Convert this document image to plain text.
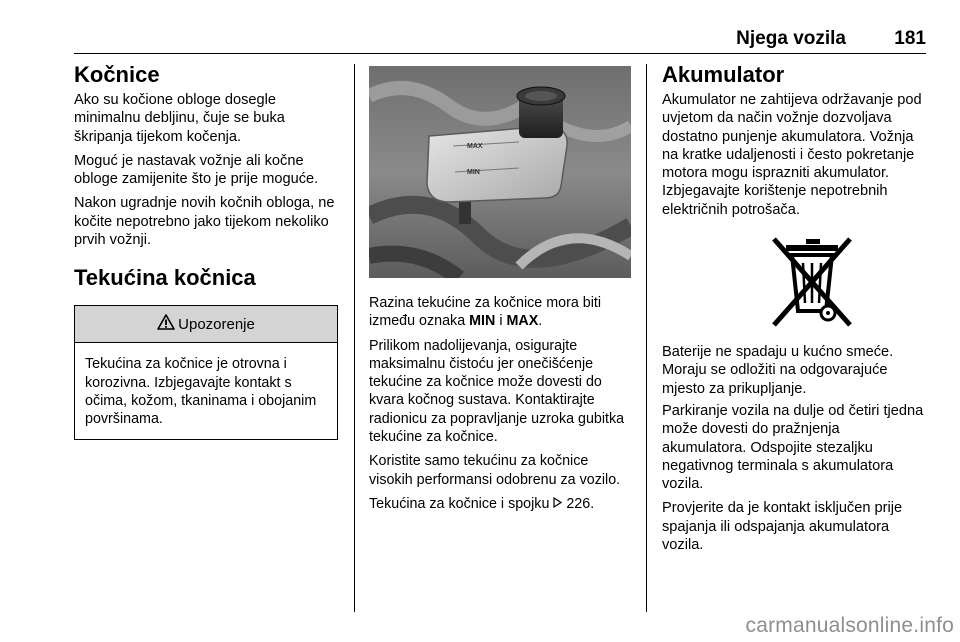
Njega vozila	181
Kočnice

Ako su kočione obloge dosegle minimalnu debljinu, čuje se buka škripanja tijekom kočenja.

Moguć je nastavak vožnje ali kočne obloge zamijenite što je prije moguće.

Nakon ugradnje novih kočnih obloga, ne kočite nepotrebno jako tijekom nekoliko prvih vožnji.

Tekućina kočnica
Upozorenje
Tekućina za kočnice je otrovna i korozivna. Izbjegavajte kontakt s očima, kožom, tkaninama i obojanim površinama.
MAX
MIN

Razina tekućine za kočnice mora biti između oznaka MIN i MAX.

Prilikom nadolijevanja, osigurajte maksimalnu čistoću jer onečišćenje tekućine za kočnice može dovesti do kvara kočnog sustava. Kontaktirajte radionicu za popravljanje uzroka gubitka tekućine za kočnice.

Koristite samo tekućinu za kočnice visokih performansi odobrenu za vozilo.

Tekućina za kočnice i spojku  226.

Akumulator

Akumulator ne zahtijeva održavanje pod uvjetom da način vožnje dozvoljava dostatno punjenje akumulatora. Vožnja na kratke udaljenosti i često pokretanje motora mogu isprazniti akumulator.

Izbjegavajte korištenje nepotrebnih električnih potrošača.

Baterije ne spadaju u kućno smeće. Moraju se odložiti na odgovarajuće mjesto za prikupljanje.

Parkiranje vozila na dulje od četiri tjedna može dovesti do pražnjenja akumulatora. Odspojite stezaljku negativnog terminala s akumulatora vozila.

Provjerite da je kontakt isključen prije spajanja ili odspajanja akumulatora vozila.

carmanualsonline.info
